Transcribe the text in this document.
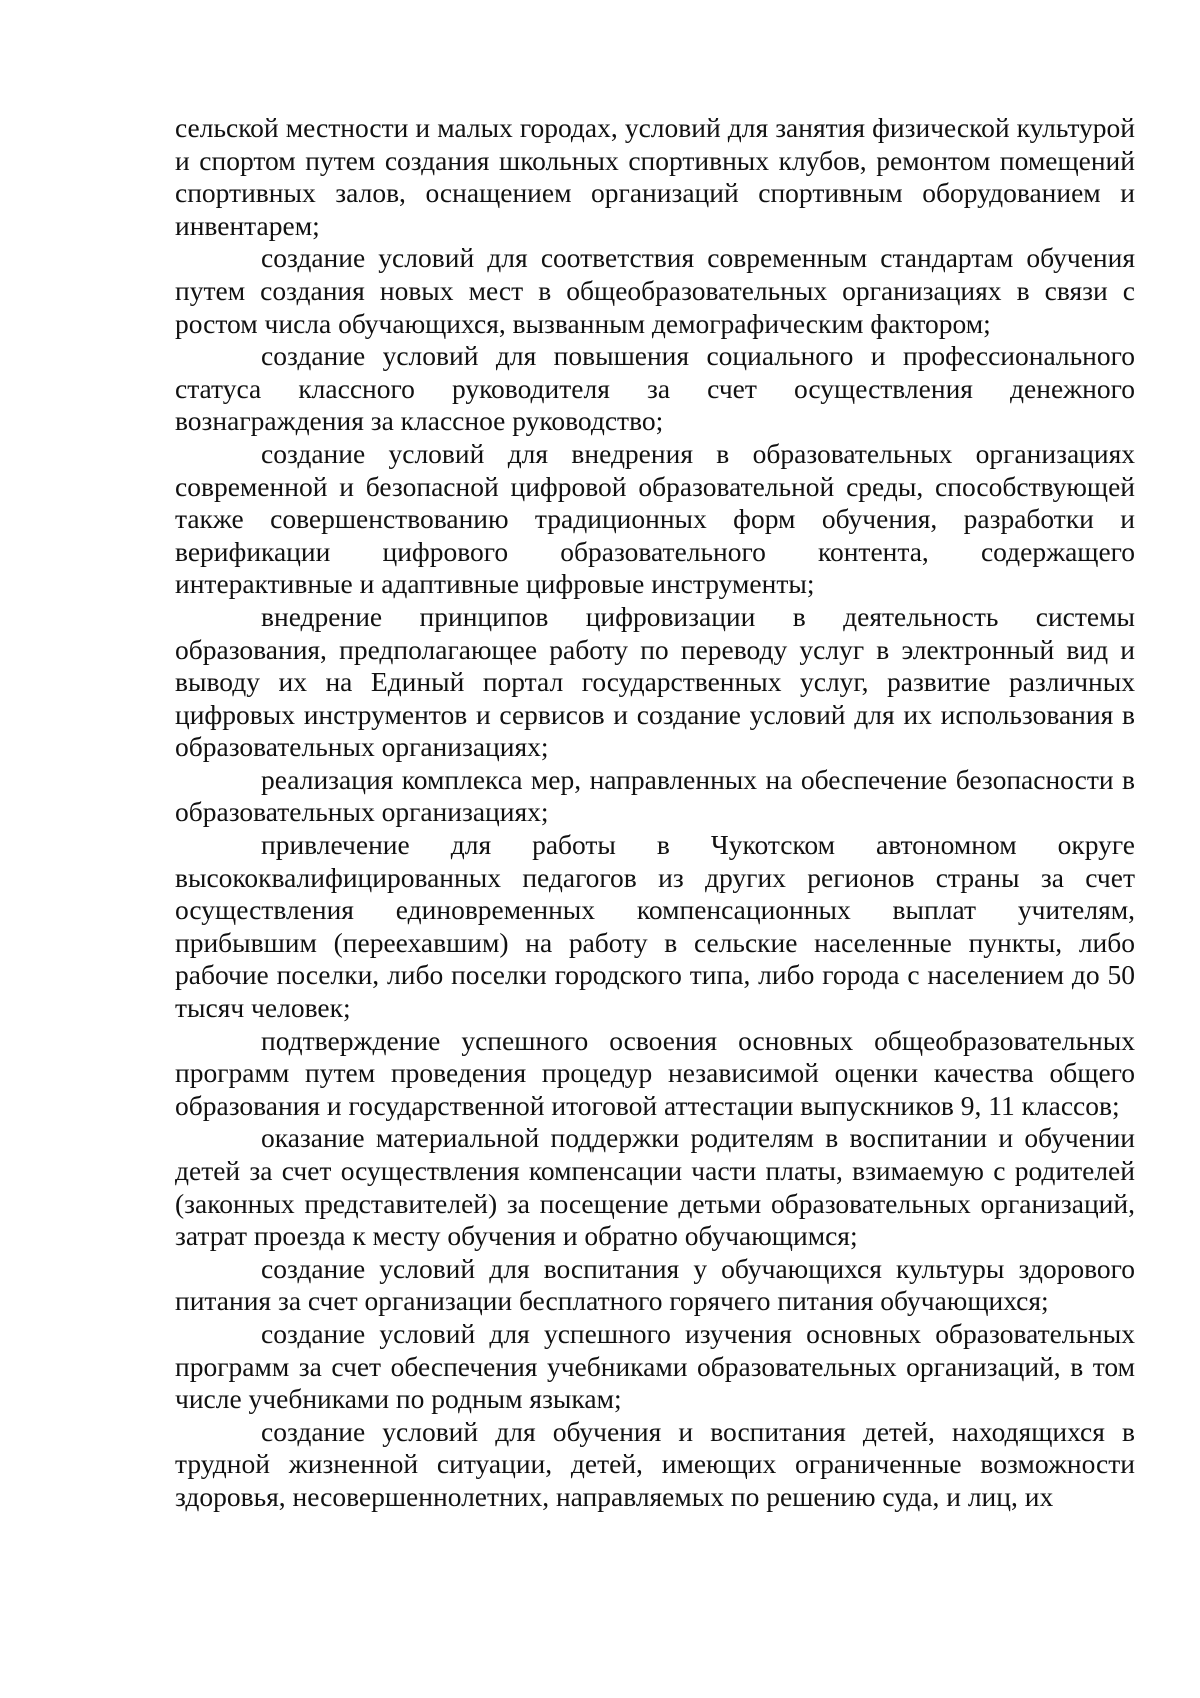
сельской местности и малых городах, условий для занятия физической культурой и спортом путем создания школьных спортивных клубов, ремонтом помещений спортивных залов, оснащением организаций спортивным оборудованием и инвентарем;

создание условий для соответствия современным стандартам обучения путем создания новых мест в общеобразовательных организациях в связи с ростом числа обучающихся, вызванным демографическим фактором;

создание условий для повышения социального и профессионального статуса классного руководителя за счет осуществления денежного вознаграждения за классное руководство;

создание условий для внедрения в образовательных организациях современной и безопасной цифровой образовательной среды, способствующей также совершенствованию традиционных форм обучения, разработки и верификации цифрового образовательного контента, содержащего интерактивные и адаптивные цифровые инструменты;

внедрение принципов цифровизации в деятельность системы образования, предполагающее работу по переводу услуг в электронный вид и выводу их на Единый портал государственных услуг, развитие различных цифровых инструментов и сервисов и создание условий для их использования в образовательных организациях;

реализация комплекса мер, направленных на обеспечение безопасности в образовательных организациях;

привлечение для работы в Чукотском автономном округе высококвалифицированных педагогов из других регионов страны за счет осуществления единовременных компенсационных выплат учителям, прибывшим (переехавшим) на работу в сельские населенные пункты, либо рабочие поселки, либо поселки городского типа, либо города с населением до 50 тысяч человек;

подтверждение успешного освоения основных общеобразовательных программ путем проведения процедур независимой оценки качества общего образования и государственной итоговой аттестации выпускников 9, 11 классов;

оказание материальной поддержки родителям в воспитании и обучении детей за счет осуществления компенсации части платы, взимаемую с родителей (законных представителей) за посещение детьми образовательных организаций, затрат проезда к месту обучения и обратно обучающимся;

создание условий для воспитания у обучающихся культуры здорового питания за счет организации бесплатного горячего питания обучающихся;

создание условий для успешного изучения основных образовательных программ за счет обеспечения учебниками образовательных организаций, в том числе учебниками по родным языкам;

создание условий для обучения и воспитания детей, находящихся в трудной жизненной ситуации, детей, имеющих ограниченные возможности здоровья, несовершеннолетних, направляемых по решению суда, и лиц, их
